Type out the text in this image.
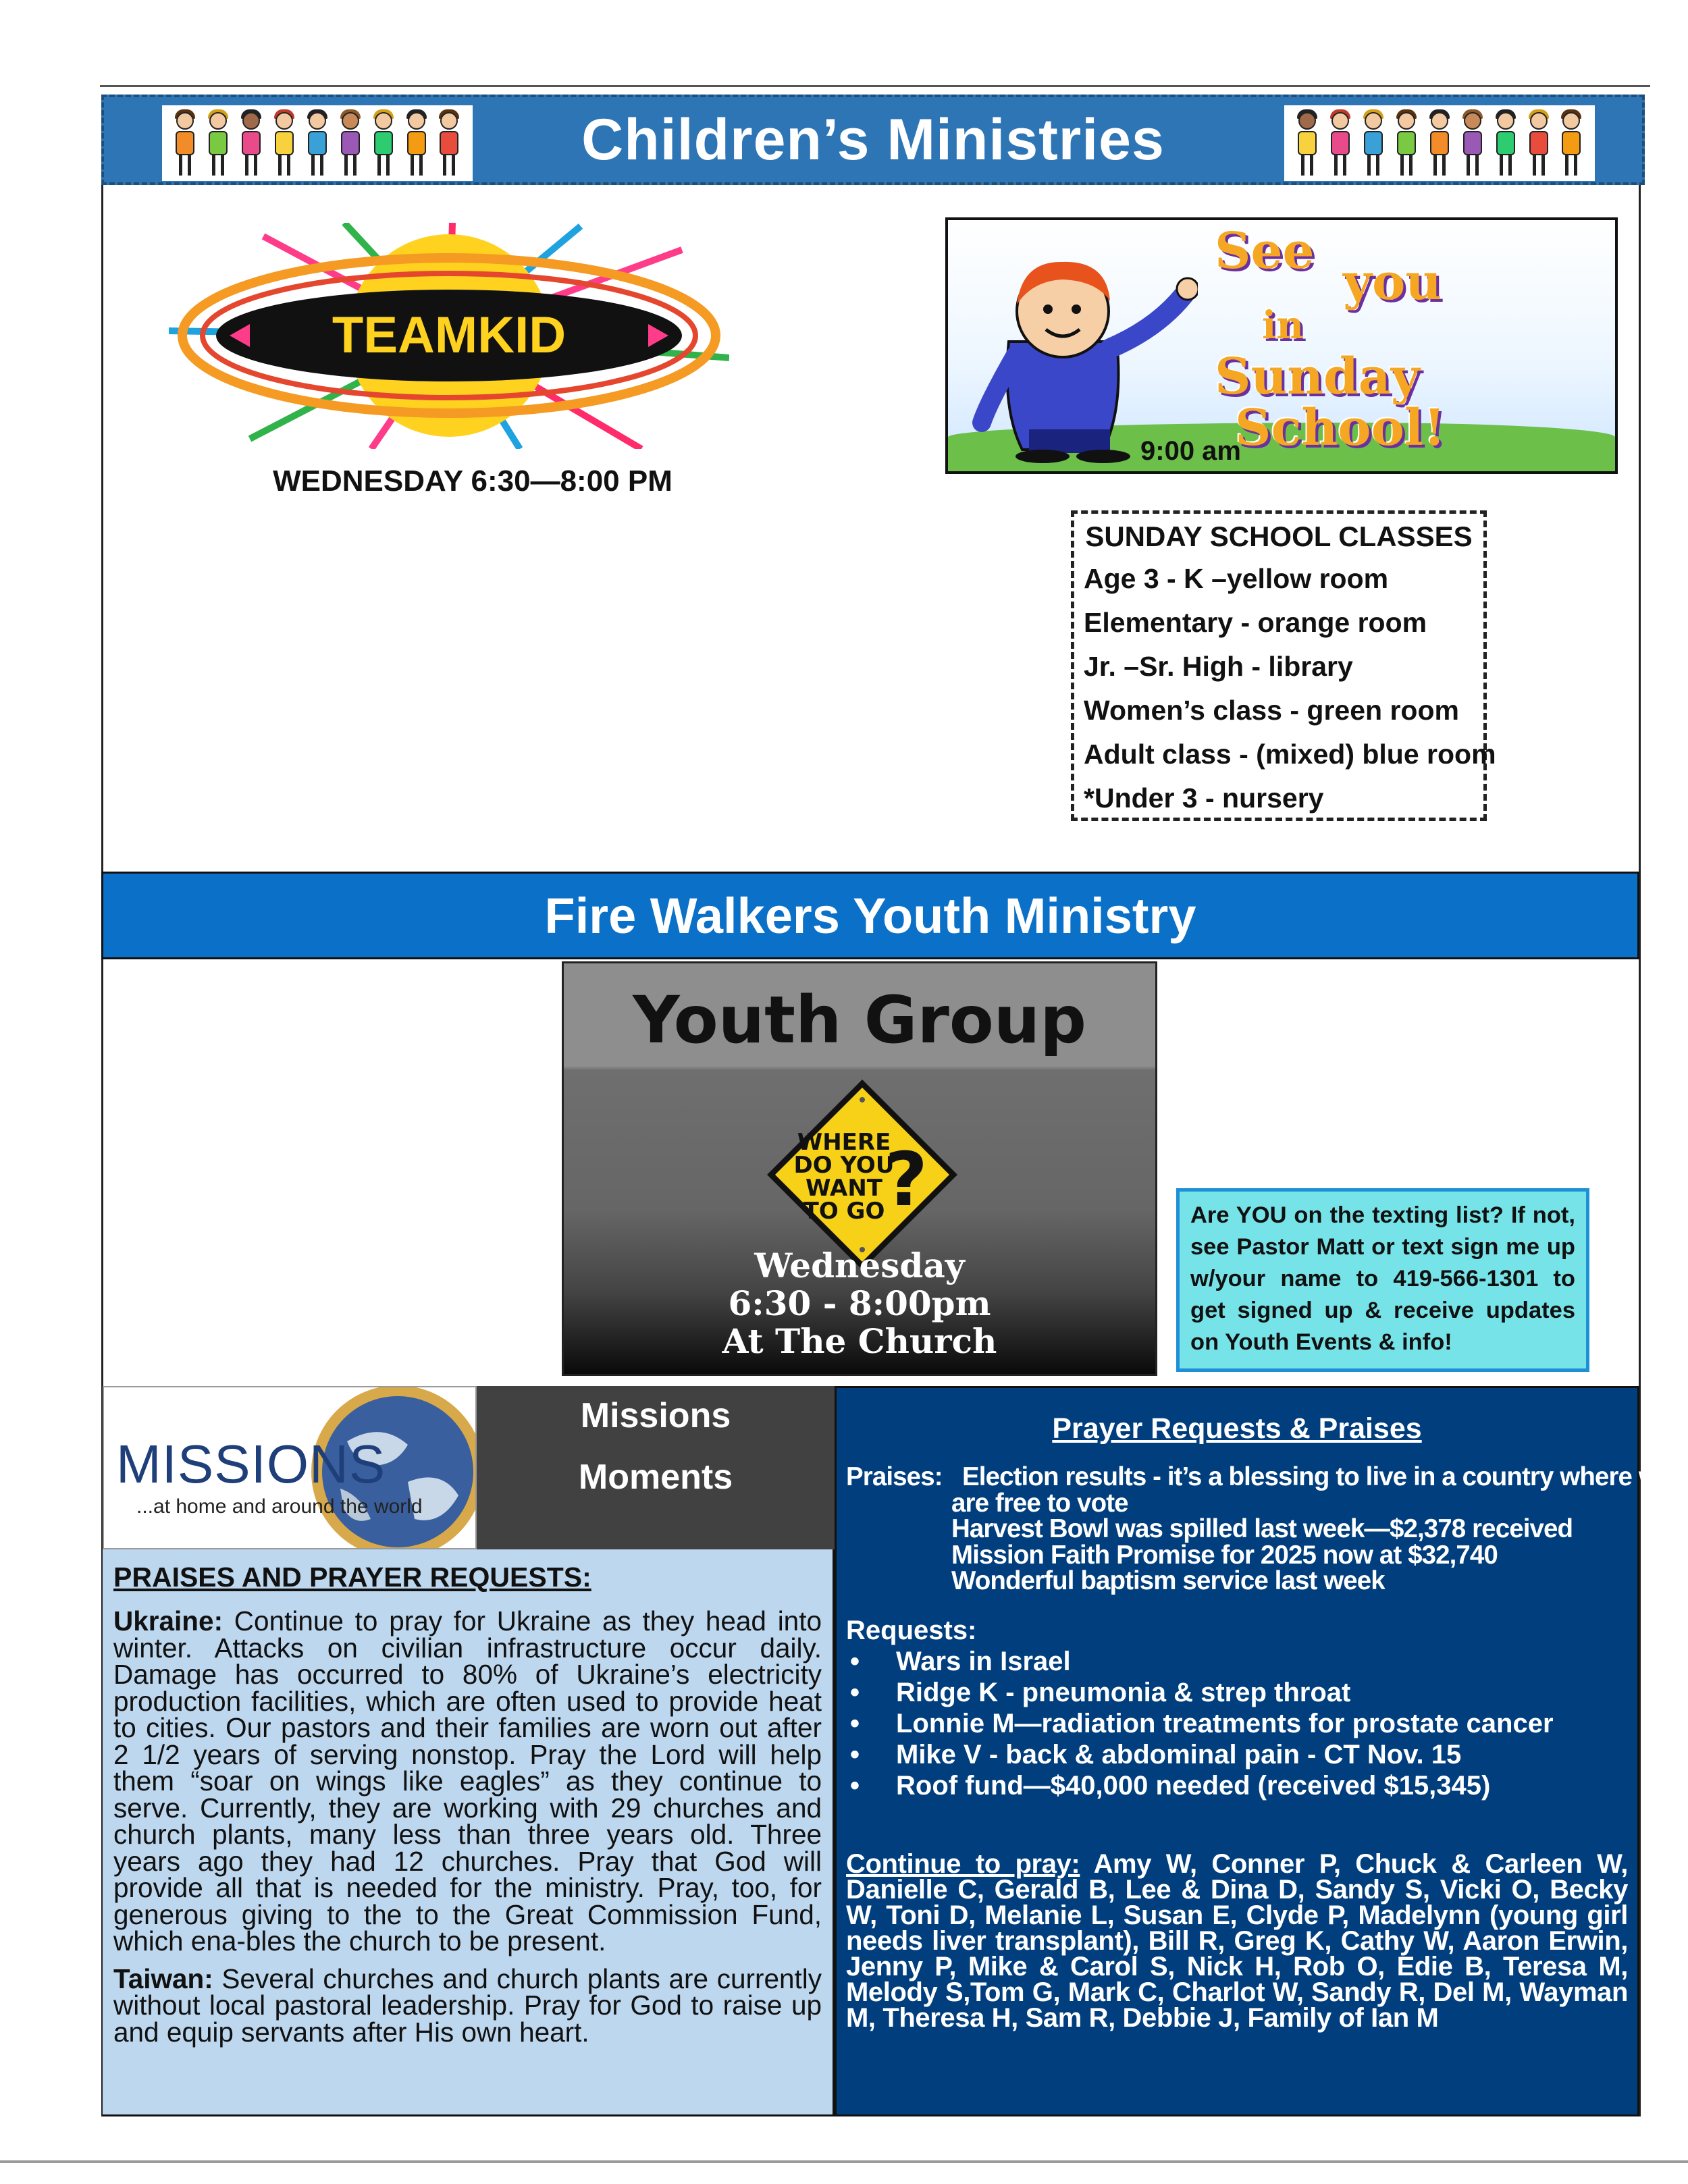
Children’s Ministries
TEAMKID
WEDNESDAY 6:30—8:00 PM
See
you
in
Sunday
School!
9:00 am
SUNDAY SCHOOL CLASSES
Age 3 - K –yellow room
Elementary - orange room
Jr. –Sr. High - library
Women’s class - green room
Adult class - (mixed) blue room
*Under 3 - nursery
Fire Walkers Youth Ministry
Youth Group
WHERE
DO YOU
WANT
TO GO ?
Wednesday
6:30 - 8:00pm
At The Church
Are YOU on the texting list? If not, see Pastor Matt or text sign me up w/your name to 419-566-1301 to get signed up & receive updates on Youth Events & info!
MISSIONS
...at home and around the world
Missions
Moments
PRAISES AND PRAYER REQUESTS:

Ukraine: Continue to pray for Ukraine as they head into winter. Attacks on civilian infrastructure occur daily. Damage has occurred to 80% of Ukraine’s electricity production facilities, which are often used to provide heat to cities. Our pastors and their families are worn out after 2 1/2 years of serving nonstop. Pray the Lord will help them “soar on wings like eagles” as they continue to serve. Currently, they are working with 29 churches and church plants, many less than three years old. Three years ago they had 12 churches. Pray that God will provide all that is needed for the ministry. Pray, too, for generous giving to the to the Great Commission Fund, which ena-bles the church to be present.

Taiwan: Several churches and church plants are currently without local pastoral leadership. Pray for God to raise up and equip servants after His own heart.

Prayer Requests & Praises
Praises: Election results - it’s a blessing to live in a country where we
are free to vote
Harvest Bowl was spilled last week—$2,378 received
Mission Faith Promise for 2025 now at $32,740
Wonderful baptism service last week
Requests:
•	Wars in Israel
•	Ridge K - pneumonia & strep throat
•	Lonnie M—radiation treatments for prostate cancer
•	Mike V - back & abdominal pain - CT Nov. 15
•	Roof fund—$40,000 needed (received $15,345)

Continue to pray: Amy W, Conner P, Chuck & Carleen W, Danielle C, Gerald B, Lee & Dina D, Sandy S, Vicki O, Becky W, Toni D, Melanie L, Susan E, Clyde P, Madelynn (young girl needs liver transplant), Bill R, Greg K, Cathy W, Aaron Erwin, Jenny P, Mike & Carol S, Nick H, Rob O, Edie B, Teresa M, Melody S,Tom G, Mark C, Charlot W, Sandy R, Del M, Wayman M, Theresa H, Sam R, Debbie J, Family of Ian M
